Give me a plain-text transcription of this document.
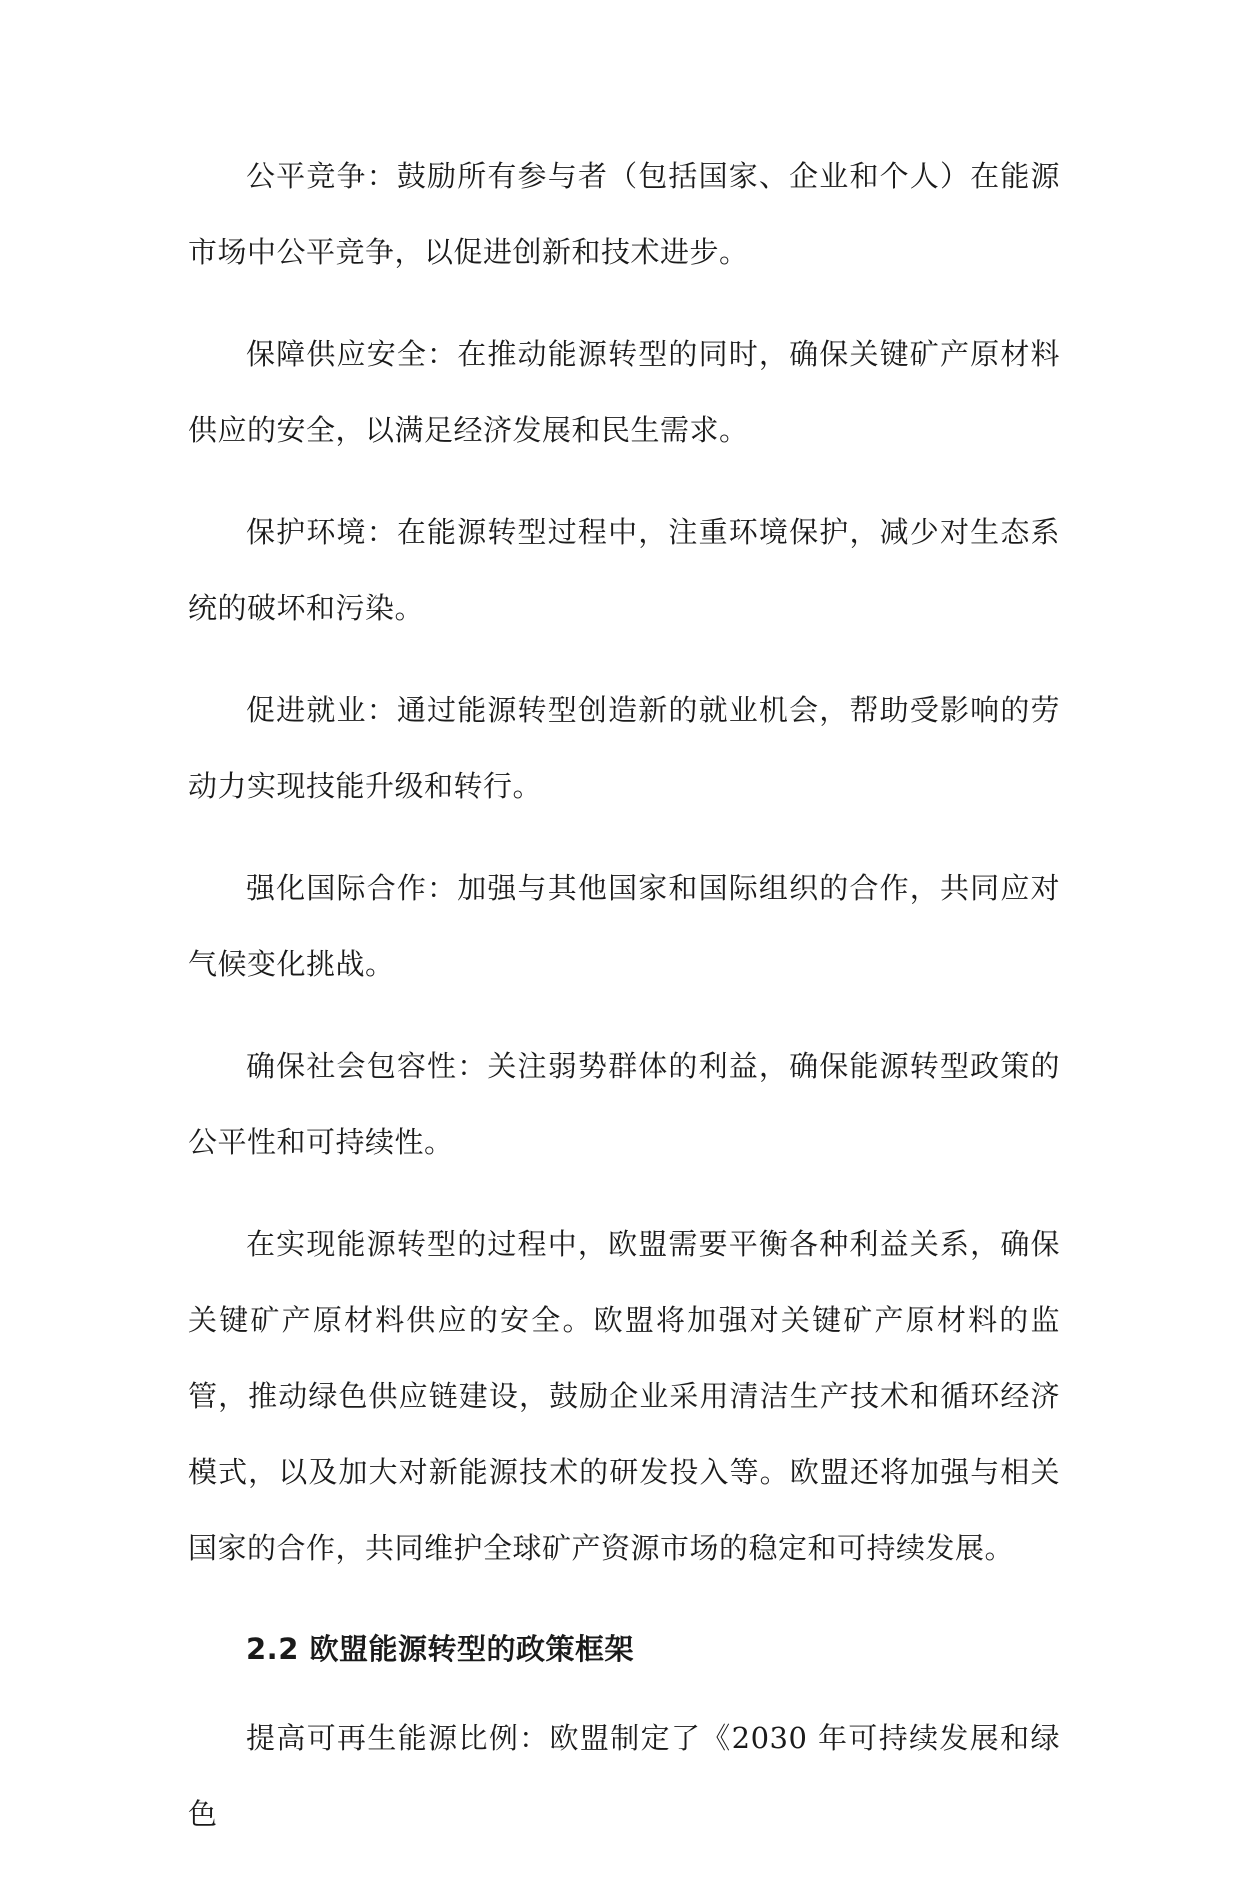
公平竞争：鼓励所有参与者（包括国家、企业和个人）在能源市场中公平竞争，以促进创新和技术进步。

保障供应安全：在推动能源转型的同时，确保关键矿产原材料供应的安全，以满足经济发展和民生需求。

保护环境：在能源转型过程中，注重环境保护，减少对生态系统的破坏和污染。

促进就业：通过能源转型创造新的就业机会，帮助受影响的劳动力实现技能升级和转行。

强化国际合作：加强与其他国家和国际组织的合作，共同应对气候变化挑战。

确保社会包容性：关注弱势群体的利益，确保能源转型政策的公平性和可持续性。

在实现能源转型的过程中，欧盟需要平衡各种利益关系，确保关键矿产原材料供应的安全。欧盟将加强对关键矿产原材料的监管，推动绿色供应链建设，鼓励企业采用清洁生产技术和循环经济模式，以及加大对新能源技术的研发投入等。欧盟还将加强与相关国家的合作，共同维护全球矿产资源市场的稳定和可持续发展。

2.2 欧盟能源转型的政策框架

提高可再生能源比例：欧盟制定了《2030 年可持续发展和绿色
